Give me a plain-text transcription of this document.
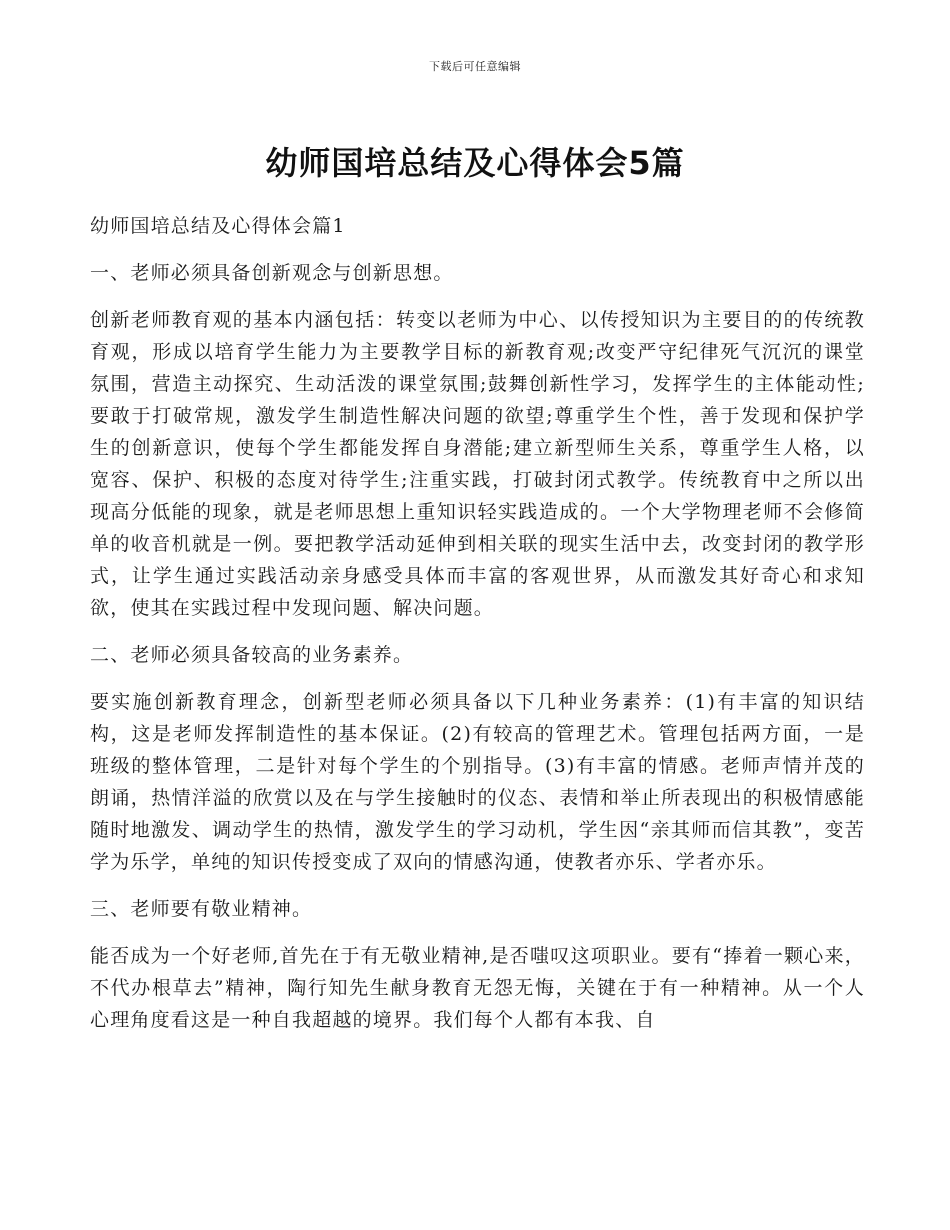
下载后可任意编辑
幼师国培总结及心得体会5篇

幼师国培总结及心得体会篇1

一、老师必须具备创新观念与创新思想。

创新老师教育观的基本内涵包括：转变以老师为中心、以传授知识为主要目的的传统教育观，形成以培育学生能力为主要教学目标的新教育观;改变严守纪律死气沉沉的课堂氛围，营造主动探究、生动活泼的课堂氛围;鼓舞创新性学习，发挥学生的主体能动性;要敢于打破常规，激发学生制造性解决问题的欲望;尊重学生个性，善于发现和保护学生的创新意识，使每个学生都能发挥自身潜能;建立新型师生关系，尊重学生人格，以宽容、保护、积极的态度对待学生;注重实践，打破封闭式教学。传统教育中之所以出现高分低能的现象，就是老师思想上重知识轻实践造成的。一个大学物理老师不会修简单的收音机就是一例。要把教学活动延伸到相关联的现实生活中去，改变封闭的教学形式，让学生通过实践活动亲身感受具体而丰富的客观世界，从而激发其好奇心和求知欲，使其在实践过程中发现问题、解决问题。

二、老师必须具备较高的业务素养。

要实施创新教育理念，创新型老师必须具备以下几种业务素养：(1)有丰富的知识结构，这是老师发挥制造性的基本保证。(2)有较高的管理艺术。管理包括两方面，一是班级的整体管理，二是针对每个学生的个别指导。(3)有丰富的情感。老师声情并茂的朗诵，热情洋溢的欣赏以及在与学生接触时的仪态、表情和举止所表现出的积极情感能随时地激发、调动学生的热情，激发学生的学习动机，学生因“亲其师而信其教”，变苦学为乐学，单纯的知识传授变成了双向的情感沟通，使教者亦乐、学者亦乐。

三、老师要有敬业精神。

能否成为一个好老师,首先在于有无敬业精神,是否嗤叹这项职业。要有“捧着一颗心来，不代办根草去”精神，陶行知先生献身教育无怨无悔，关键在于有一种精神。从一个人心理角度看这是一种自我超越的境界。我们每个人都有本我、自
